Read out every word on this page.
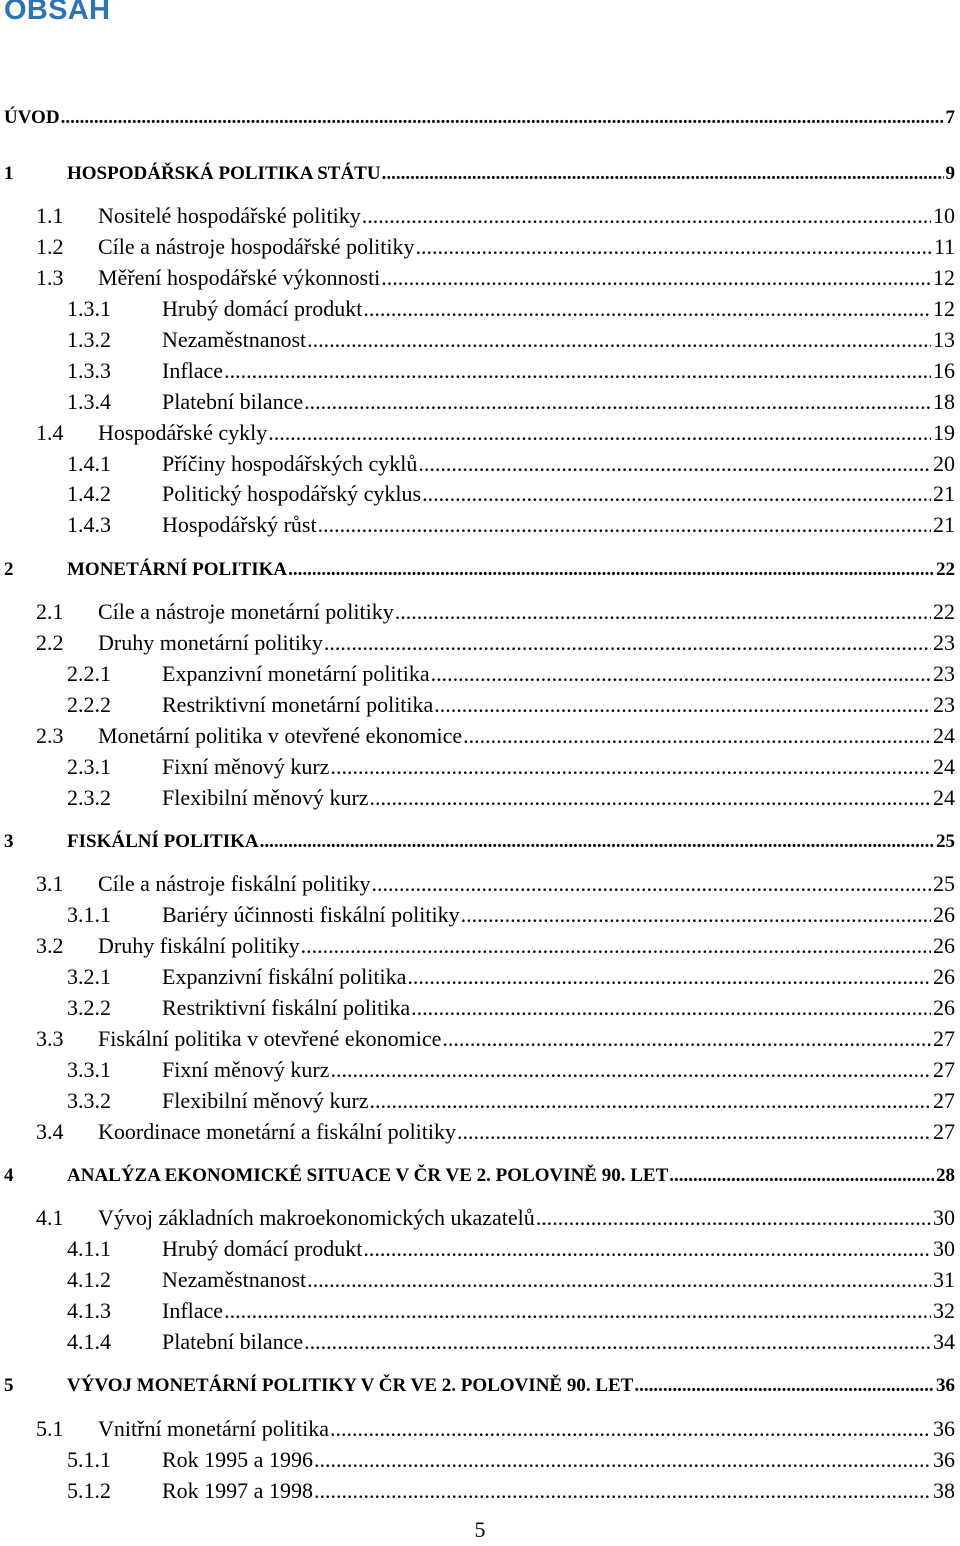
OBSAH
ÚVOD .....	7
1	HOSPODÁŘSKÁ POLITIKA STÁTU .....	9
1.1	Nositelé hospodářské politiky .....	10
1.2	Cíle a nástroje hospodářské politiky .....	11
1.3	Měření hospodářské výkonnosti .....	12
1.3.1	Hrubý domácí produkt .....	12
1.3.2	Nezaměstnanost .....	13
1.3.3	Inflace .....	16
1.3.4	Platební bilance .....	18
1.4	Hospodářské cykly .....	19
1.4.1	Příčiny hospodářských cyklů .....	20
1.4.2	Politický hospodářský cyklus .....	21
1.4.3	Hospodářský růst .....	21
2	MONETÁRNÍ POLITIKA .....	22
2.1	Cíle a nástroje monetární politiky .....	22
2.2	Druhy monetární politiky .....	23
2.2.1	Expanzivní monetární politika .....	23
2.2.2	Restriktivní monetární politika .....	23
2.3	Monetární politika v otevřené ekonomice .....	24
2.3.1	Fixní měnový kurz .....	24
2.3.2	Flexibilní měnový kurz .....	24
3	FISKÁLNÍ POLITIKA .....	25
3.1	Cíle a nástroje fiskální politiky .....	25
3.1.1	Bariéry účinnosti fiskální politiky .....	26
3.2	Druhy fiskální politiky .....	26
3.2.1	Expanzivní fiskální politika .....	26
3.2.2	Restriktivní fiskální politika .....	26
3.3	Fiskální politika v otevřené ekonomice .....	27
3.3.1	Fixní měnový kurz .....	27
3.3.2	Flexibilní měnový kurz .....	27
3.4	Koordinace monetární a fiskální politiky .....	27
4	ANALÝZA EKONOMICKÉ SITUACE V ČR VE 2. POLOVINĚ 90. LET .....	28
4.1	Vývoj základních makroekonomických ukazatelů .....	30
4.1.1	Hrubý domácí produkt .....	30
4.1.2	Nezaměstnanost .....	31
4.1.3	Inflace .....	32
4.1.4	Platební bilance .....	34
5	VÝVOJ MONETÁRNÍ POLITIKY V ČR VE 2. POLOVINĚ 90. LET .....	36
5.1	Vnitřní monetární politika .....	36
5.1.1	Rok 1995 a 1996 .....	36
5.1.2	Rok 1997 a 1998 .....	38
5
